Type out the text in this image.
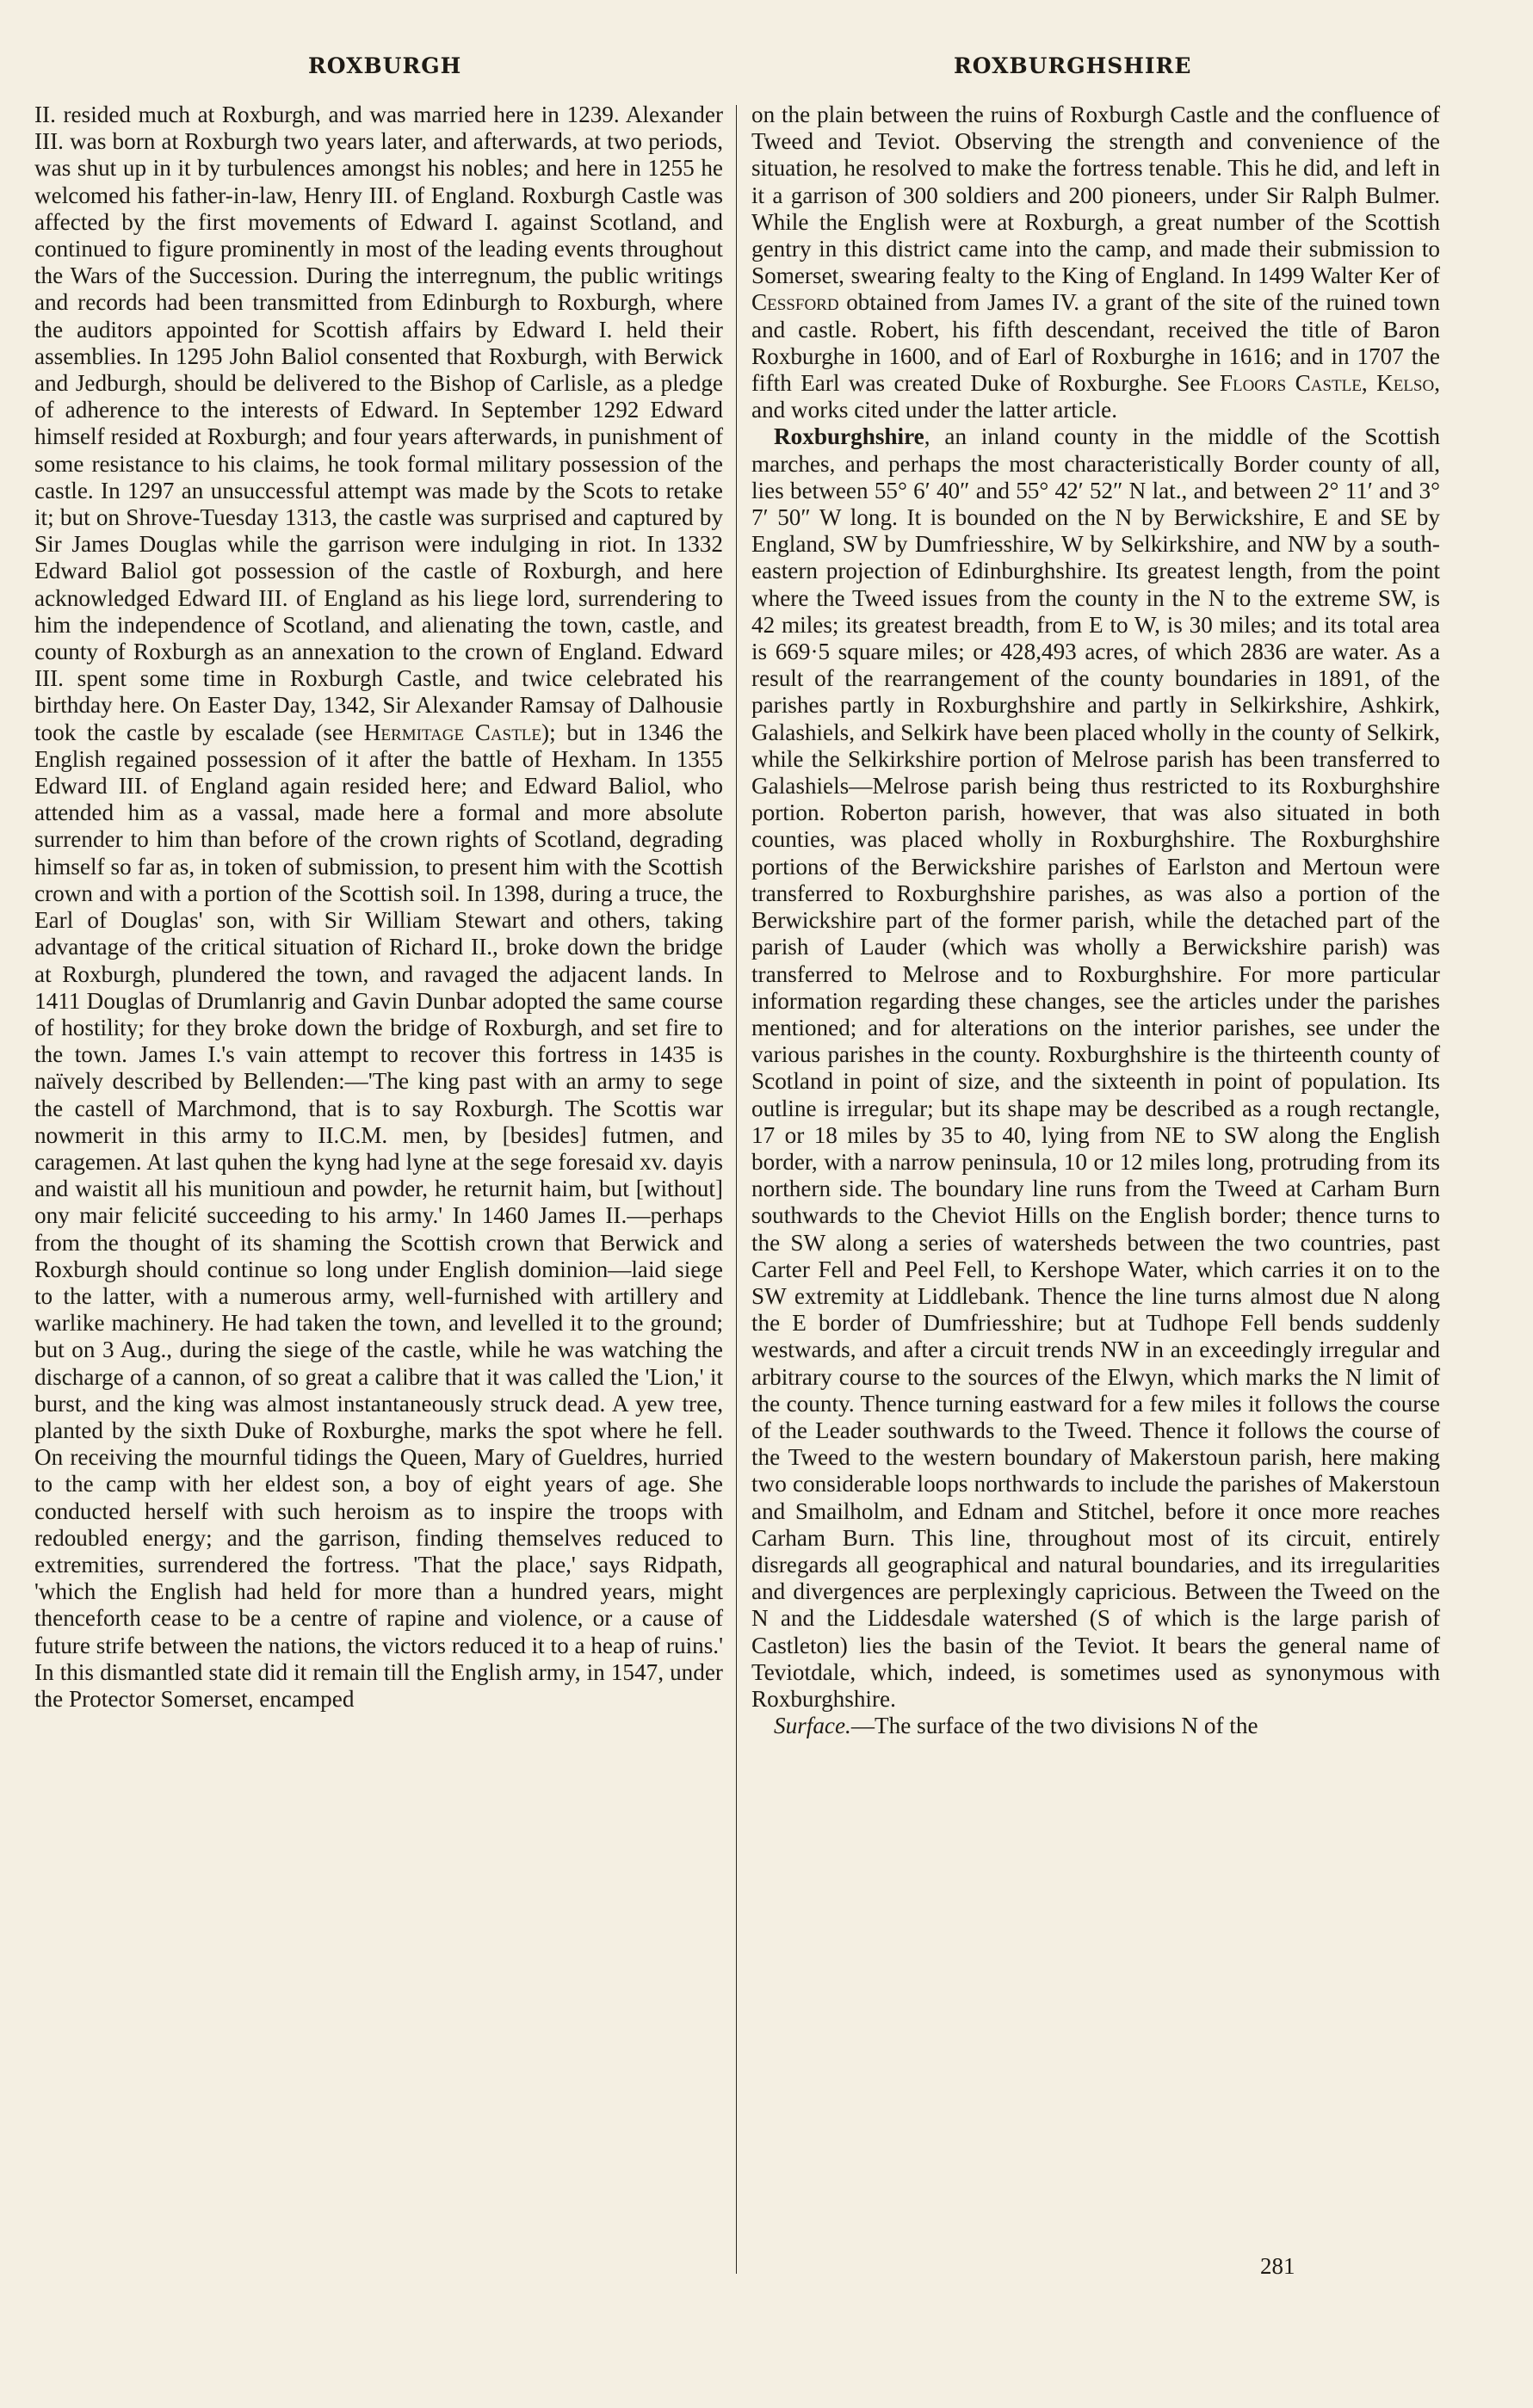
ROXBURGH	ROXBURGHSHIRE

II. resided much at Roxburgh, and was married here in 1239. Alexander III. was born at Roxburgh two years later, and afterwards, at two periods, was shut up in it by turbulences amongst his nobles; and here in 1255 he welcomed his father-in-law, Henry III. of England. Roxburgh Castle was affected by the first movements of Edward I. against Scotland, and continued to figure prominently in most of the leading events throughout the Wars of the Succession. During the interregnum, the public writings and records had been transmitted from Edinburgh to Roxburgh, where the auditors appointed for Scottish affairs by Edward I. held their assemblies. In 1295 John Baliol consented that Roxburgh, with Berwick and Jedburgh, should be delivered to the Bishop of Carlisle, as a pledge of adherence to the interests of Edward. In September 1292 Edward himself resided at Roxburgh; and four years afterwards, in punishment of some resistance to his claims, he took formal military possession of the castle. In 1297 an unsuccessful attempt was made by the Scots to retake it; but on Shrove-Tuesday 1313, the castle was surprised and captured by Sir James Douglas while the garrison were indulging in riot. In 1332 Edward Baliol got possession of the castle of Roxburgh, and here acknowledged Edward III. of England as his liege lord, surrendering to him the independence of Scotland, and alienating the town, castle, and county of Roxburgh as an annexation to the crown of England. Edward III. spent some time in Roxburgh Castle, and twice celebrated his birthday here. On Easter Day, 1342, Sir Alexander Ramsay of Dalhousie took the castle by escalade (see Hermitage Castle); but in 1346 the English regained possession of it after the battle of Hexham. In 1355 Edward III. of England again resided here; and Edward Baliol, who attended him as a vassal, made here a formal and more absolute surrender to him than before of the crown rights of Scotland, degrading himself so far as, in token of submission, to present him with the Scottish crown and with a portion of the Scottish soil. In 1398, during a truce, the Earl of Douglas' son, with Sir William Stewart and others, taking advantage of the critical situation of Richard II., broke down the bridge at Roxburgh, plundered the town, and ravaged the adjacent lands. In 1411 Douglas of Drumlanrig and Gavin Dunbar adopted the same course of hostility; for they broke down the bridge of Roxburgh, and set fire to the town. James I.'s vain attempt to recover this fortress in 1435 is naïvely described by Bellenden:—'The king past with an army to sege the castell of Marchmond, that is to say Roxburgh. The Scottis war nowmerit in this army to II.C.M. men, by [besides] futmen, and caragemen. At last quhen the kyng had lyne at the sege foresaid xv. dayis and waistit all his munitioun and powder, he returnit haim, but [without] ony mair felicité succeeding to his army.' In 1460 James II.—perhaps from the thought of its shaming the Scottish crown that Berwick and Roxburgh should continue so long under English dominion—laid siege to the latter, with a numerous army, well-furnished with artillery and warlike machinery. He had taken the town, and levelled it to the ground; but on 3 Aug., during the siege of the castle, while he was watching the discharge of a cannon, of so great a calibre that it was called the 'Lion,' it burst, and the king was almost instantaneously struck dead. A yew tree, planted by the sixth Duke of Roxburghe, marks the spot where he fell. On receiving the mournful tidings the Queen, Mary of Gueldres, hurried to the camp with her eldest son, a boy of eight years of age. She conducted herself with such heroism as to inspire the troops with redoubled energy; and the garrison, finding themselves reduced to extremities, surrendered the fortress. 'That the place,' says Ridpath, 'which the English had held for more than a hundred years, might thenceforth cease to be a centre of rapine and violence, or a cause of future strife between the nations, the victors reduced it to a heap of ruins.' In this dismantled state did it remain till the English army, in 1547, under the Protector Somerset, encamped

on the plain between the ruins of Roxburgh Castle and the confluence of Tweed and Teviot. Observing the strength and convenience of the situation, he resolved to make the fortress tenable. This he did, and left in it a garrison of 300 soldiers and 200 pioneers, under Sir Ralph Bulmer. While the English were at Roxburgh, a great number of the Scottish gentry in this district came into the camp, and made their submission to Somerset, swearing fealty to the King of England. In 1499 Walter Ker of Cessford obtained from James IV. a grant of the site of the ruined town and castle. Robert, his fifth descendant, received the title of Baron Roxburghe in 1600, and of Earl of Roxburghe in 1616; and in 1707 the fifth Earl was created Duke of Roxburghe. See Floors Castle, Kelso, and works cited under the latter article.

Roxburghshire, an inland county in the middle of the Scottish marches, and perhaps the most characteristically Border county of all, lies between 55° 6′ 40″ and 55° 42′ 52″ N lat., and between 2° 11′ and 3° 7′ 50″ W long. It is bounded on the N by Berwickshire, E and SE by England, SW by Dumfriesshire, W by Selkirkshire, and NW by a south-eastern projection of Edinburghshire. Its greatest length, from the point where the Tweed issues from the county in the N to the extreme SW, is 42 miles; its greatest breadth, from E to W, is 30 miles; and its total area is 669·5 square miles; or 428,493 acres, of which 2836 are water. As a result of the rearrangement of the county boundaries in 1891, of the parishes partly in Roxburghshire and partly in Selkirkshire, Ashkirk, Galashiels, and Selkirk have been placed wholly in the county of Selkirk, while the Selkirkshire portion of Melrose parish has been transferred to Galashiels—Melrose parish being thus restricted to its Roxburghshire portion. Roberton parish, however, that was also situated in both counties, was placed wholly in Roxburghshire. The Roxburghshire portions of the Berwickshire parishes of Earlston and Mertoun were transferred to Roxburghshire parishes, as was also a portion of the Berwickshire part of the former parish, while the detached part of the parish of Lauder (which was wholly a Berwickshire parish) was transferred to Melrose and to Roxburghshire. For more particular information regarding these changes, see the articles under the parishes mentioned; and for alterations on the interior parishes, see under the various parishes in the county. Roxburghshire is the thirteenth county of Scotland in point of size, and the sixteenth in point of population. Its outline is irregular; but its shape may be described as a rough rectangle, 17 or 18 miles by 35 to 40, lying from NE to SW along the English border, with a narrow peninsula, 10 or 12 miles long, protruding from its northern side. The boundary line runs from the Tweed at Carham Burn southwards to the Cheviot Hills on the English border; thence turns to the SW along a series of watersheds between the two countries, past Carter Fell and Peel Fell, to Kershope Water, which carries it on to the SW extremity at Liddlebank. Thence the line turns almost due N along the E border of Dumfriesshire; but at Tudhope Fell bends suddenly westwards, and after a circuit trends NW in an exceedingly irregular and arbitrary course to the sources of the Elwyn, which marks the N limit of the county. Thence turning eastward for a few miles it follows the course of the Leader southwards to the Tweed. Thence it follows the course of the Tweed to the western boundary of Makerstoun parish, here making two considerable loops northwards to include the parishes of Makerstoun and Smailholm, and Ednam and Stitchel, before it once more reaches Carham Burn. This line, throughout most of its circuit, entirely disregards all geographical and natural boundaries, and its irregularities and divergences are perplexingly capricious. Between the Tweed on the N and the Liddesdale watershed (S of which is the large parish of Castleton) lies the basin of the Teviot. It bears the general name of Teviotdale, which, indeed, is sometimes used as synonymous with Roxburghshire.

Surface.—The surface of the two divisions N of the

281
